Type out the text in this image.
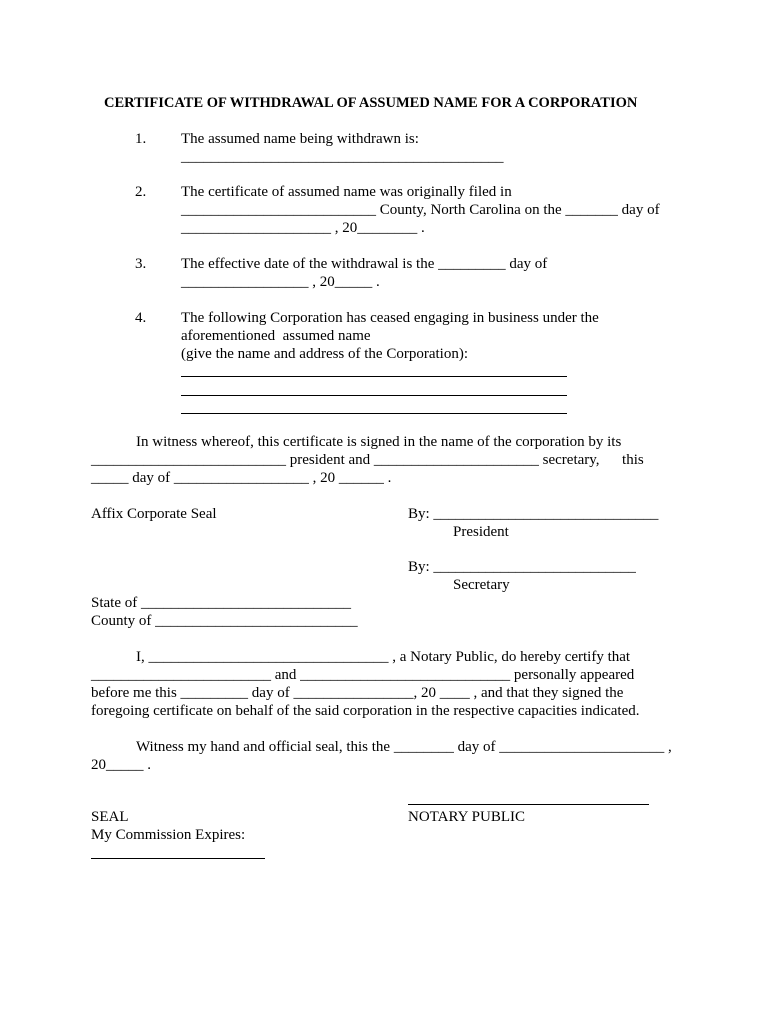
CERTIFICATE OF WITHDRAWAL OF ASSUMED NAME FOR A CORPORATION
1. The assumed name being withdrawn is:
___________________________________________
2. The certificate of assumed name was originally filed in
__________________________ County, North Carolina on the _______ day of
____________________ , 20________ .
3. The effective date of the withdrawal is the _________ day of
_________________ , 20_____ .
4. The following Corporation has ceased engaging in business under the
aforementioned  assumed name
(give the name and address of the Corporation):
In witness whereof, this certificate is signed in the name of the corporation by its
__________________________ president and ______________________ secretary,      this
_____ day of __________________ , 20 ______ .
Affix Corporate Seal	By: ______________________________
President
By: ___________________________
Secretary
State of ____________________________
County of ___________________________
I, ________________________________ , a Notary Public, do hereby certify that
________________________ and ____________________________ personally appeared
before me this _________ day of ________________, 20 ____ , and that they signed the
foregoing certificate on behalf of the said corporation in the respective capacities indicated.
Witness my hand and official seal, this the ________ day of ______________________ ,
20_____ .
SEAL	NOTARY PUBLIC
My Commission Expires:
